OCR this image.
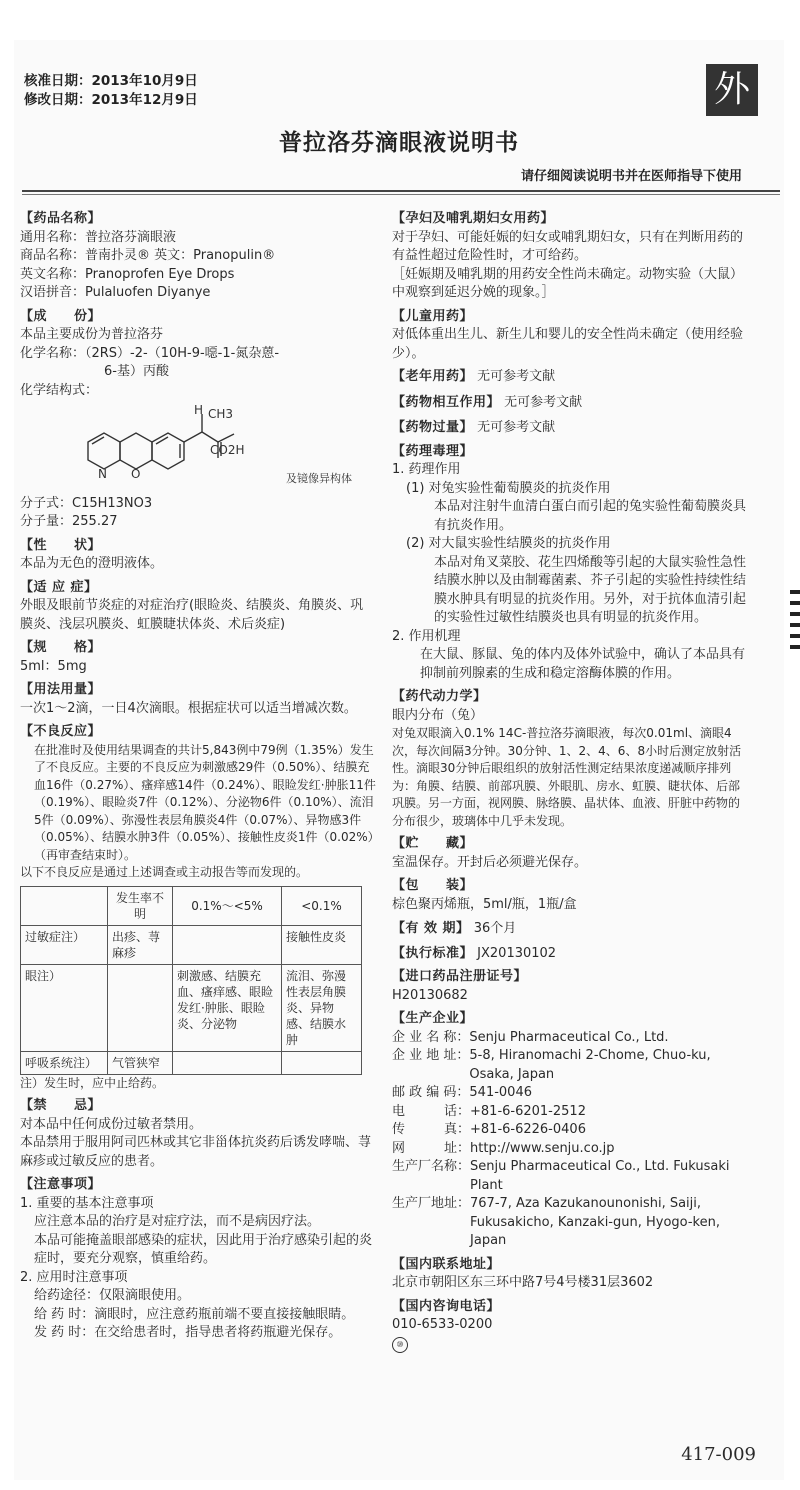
核准日期：2013年10月9日
修改日期：2013年12月9日	外
普拉洛芬滴眼液说明书
请仔细阅读说明书并在医师指导下使用
【药品名称】
通用名称：普拉洛芬滴眼液
商品名称：普南扑灵® 英文：Pranopulin®
英文名称：Pranoprofen Eye Drops
汉语拼音：Pulaluofen Diyanye
【成　　份】
本品主要成份为普拉洛芬
化学名称：（2RS）-2-（10H-9-噁-1-氮杂蒽-
6-基）丙酸
化学结构式：
H CH3
CO2H
N O	及镜像异构体
分子式：C15H13NO3
分子量：255.27
【性　　状】
本品为无色的澄明液体。
【适 应 症】
外眼及眼前节炎症的对症治疗(眼睑炎、结膜炎、角膜炎、巩膜炎、浅层巩膜炎、虹膜睫状体炎、术后炎症)
【规　　格】
5ml：5mg
【用法用量】
一次1～2滴，一日4次滴眼。根据症状可以适当增减次数。
【不良反应】
在批准时及使用结果调查的共计5,843例中79例（1.35%）发生了不良反应。主要的不良反应为刺激感29件（0.50%）、结膜充血16件（0.27%）、瘙痒感14件（0.24%）、眼睑发红·肿胀11件（0.19%）、眼睑炎7件（0.12%）、分泌物6件（0.10%）、流泪5件（0.09%）、弥漫性表层角膜炎4件（0.07%）、异物感3件（0.05%）、结膜水肿3件（0.05%）、接触性皮炎1件（0.02%）（再审查结束时）。
以下不良反应是通过上述调查或主动报告等而发现的。
	发生率不明	0.1%～<5%	<0.1%
过敏症注）	出疹、荨麻疹		接触性皮炎
眼注）		刺激感、结膜充血、瘙痒感、眼睑发红·肿胀、眼睑炎、分泌物	流泪、弥漫性表层角膜炎、异物感、结膜水肿
呼吸系统注）	气管狭窄		
注）发生时，应中止给药。
【禁　　忌】
对本品中任何成份过敏者禁用。
本品禁用于服用阿司匹林或其它非甾体抗炎药后诱发哮喘、荨麻疹或过敏反应的患者。
【注意事项】
1. 重要的基本注意事项
应注意本品的治疗是对症疗法，而不是病因疗法。
本品可能掩盖眼部感染的症状，因此用于治疗感染引起的炎症时，要充分观察，慎重给药。
2. 应用时注意事项
给药途径： 仅限滴眼使用。
给 药 时： 滴眼时，应注意药瓶前端不要直接接触眼睛。
发 药 时： 在交给患者时，指导患者将药瓶避光保存。
【孕妇及哺乳期妇女用药】
对于孕妇、可能妊娠的妇女或哺乳期妇女，只有在判断用药的有益性超过危险性时，才可给药。
［妊娠期及哺乳期的用药安全性尚未确定。动物实验（大鼠）中观察到延迟分娩的现象。］
【儿童用药】
对低体重出生儿、新生儿和婴儿的安全性尚未确定（使用经验少）。
【老年用药】 无可参考文献
【药物相互作用】 无可参考文献
【药物过量】 无可参考文献
【药理毒理】
1. 药理作用
(1) 对兔实验性葡萄膜炎的抗炎作用
本品对注射牛血清白蛋白而引起的兔实验性葡萄膜炎具有抗炎作用。
(2) 对大鼠实验性结膜炎的抗炎作用
本品对角叉菜胶、花生四烯酸等引起的大鼠实验性急性结膜水肿以及由制霉菌素、芥子引起的实验性持续性结膜水肿具有明显的抗炎作用。另外，对于抗体血清引起的实验性过敏性结膜炎也具有明显的抗炎作用。
2. 作用机理
在大鼠、豚鼠、兔的体内及体外试验中，确认了本品具有抑制前列腺素的生成和稳定溶酶体膜的作用。
【药代动力学】
眼内分布（兔）
对兔双眼滴入0.1% 14C-普拉洛芬滴眼液，每次0.01ml、滴眼4次，每次间隔3分钟。30分钟、1、2、4、6、8小时后测定放射活性。滴眼30分钟后眼组织的放射活性测定结果浓度递减顺序排列为：角膜、结膜、前部巩膜、外眼肌、房水、虹膜、睫状体、后部巩膜。另一方面，视网膜、脉络膜、晶状体、血液、肝脏中药物的分布很少，玻璃体中几乎未发现。
【贮　　藏】
室温保存。开封后必须避光保存。
【包　　装】
棕色聚丙烯瓶，5ml/瓶，1瓶/盒
【有 效 期】 36个月
【执行标准】 JX20130102
【进口药品注册证号】
H20130682
【生产企业】
企 业 名 称： Senju Pharmaceutical Co., Ltd.
企 业 地 址： 5-8, Hiranomachi 2-Chome, Chuo-ku, Osaka, Japan
邮 政 编 码： 541-0046
电　　　话： +81-6-6201-2512
传　　　真： +81-6-6226-0406
网　　　址： http://www.senju.co.jp
生产厂名称： Senju Pharmaceutical Co., Ltd. Fukusaki Plant
生产厂地址： 767-7, Aza Kazukanounonishi, Saiji, Fukusakicho, Kanzaki-gun, Hyogo-ken, Japan
【国内联系地址】
北京市朝阳区东三环中路7号4号楼31层3602
【国内咨询电话】
010-6533-0200
⑩
417-009
